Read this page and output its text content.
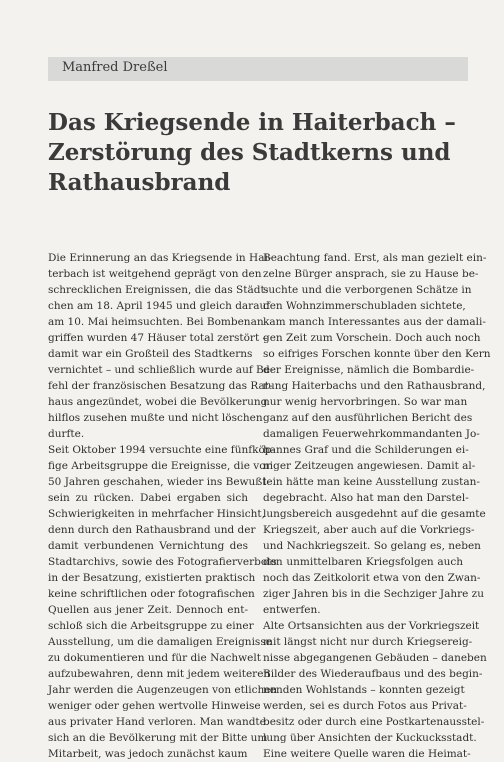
Manfred Dreßel
Das Kriegsende in Haiterbach –
Zerstörung des Stadtkerns und
Rathausbrand
Die Erinnerung an das Kriegsende in Hai-
terbach ist weitgehend geprägt von den
schrecklichen Ereignissen, die das Städt-
chen am 18. April 1945 und gleich darauf
am 10. Mai heimsuchten. Bei Bombenan-
griffen wurden 47 Häuser total zerstört –
damit war ein Großteil des Stadtkerns
vernichtet – und schließlich wurde auf Be-
fehl der französischen Besatzung das Rat-
haus angezündet, wobei die Bevölkerung
hilflos zusehen mußte und nicht löschen
durfte.
Seit Oktober 1994 versuchte eine fünfköp-
fige Arbeitsgruppe die Ereignisse, die vor
50 Jahren geschahen, wieder ins Bewußt-
sein zu rücken. Dabei ergaben sich
Schwierigkeiten in mehrfacher Hinsicht,
denn durch den Rathausbrand und der
damit verbundenen Vernichtung des
Stadtarchivs, sowie des Fotografierverbots
in der Besatzung, existierten praktisch
keine schriftlichen oder fotografischen
Quellen aus jener Zeit. Dennoch ent-
schloß sich die Arbeitsgruppe zu einer
Ausstellung, um die damaligen Ereignisse
zu dokumentieren und für die Nachwelt
aufzubewahren, denn mit jedem weiteren
Jahr werden die Augenzeugen von etlichen
weniger oder gehen wertvolle Hinweise
aus privater Hand verloren. Man wandte
sich an die Bevölkerung mit der Bitte um
Mitarbeit, was jedoch zunächst kaum
Beachtung fand. Erst, als man gezielt ein-
zelne Bürger ansprach, sie zu Hause be-
suchte und die verborgenen Schätze in
den Wohnzimmerschubladen sichtete,
kam manch Interessantes aus der damali-
gen Zeit zum Vorschein. Doch auch noch
so eifriges Forschen konnte über den Kern
der Ereignisse, nämlich die Bombardie-
rung Haiterbachs und den Rathausbrand,
nur wenig hervorbringen. So war man
ganz auf den ausführlichen Bericht des
damaligen Feuerwehrkommandanten Jo-
hannes Graf und die Schilderungen ei-
niger Zeitzeugen angewiesen. Damit al-
lein hätte man keine Ausstellung zustan-
degebracht. Also hat man den Darstel-
lungsbereich ausgedehnt auf die gesamte
Kriegszeit, aber auch auf die Vorkriegs-
und Nachkriegszeit. So gelang es, neben
den unmittelbaren Kriegsfolgen auch
noch das Zeitkolorit etwa von den Zwan-
ziger Jahren bis in die Sechziger Jahre zu
entwerfen.
Alte Ortsansichten aus der Vorkriegszeit
mit längst nicht nur durch Kriegsereig-
nisse abgegangenen Gebäuden – daneben
Bilder des Wiederaufbaus und des begin-
nenden Wohlstands – konnten gezeigt
werden, sei es durch Fotos aus Privat-
besitz oder durch eine Postkartenausstel-
lung über Ansichten der Kuckucksstadt.
Eine weitere Quelle waren die Heimat-
